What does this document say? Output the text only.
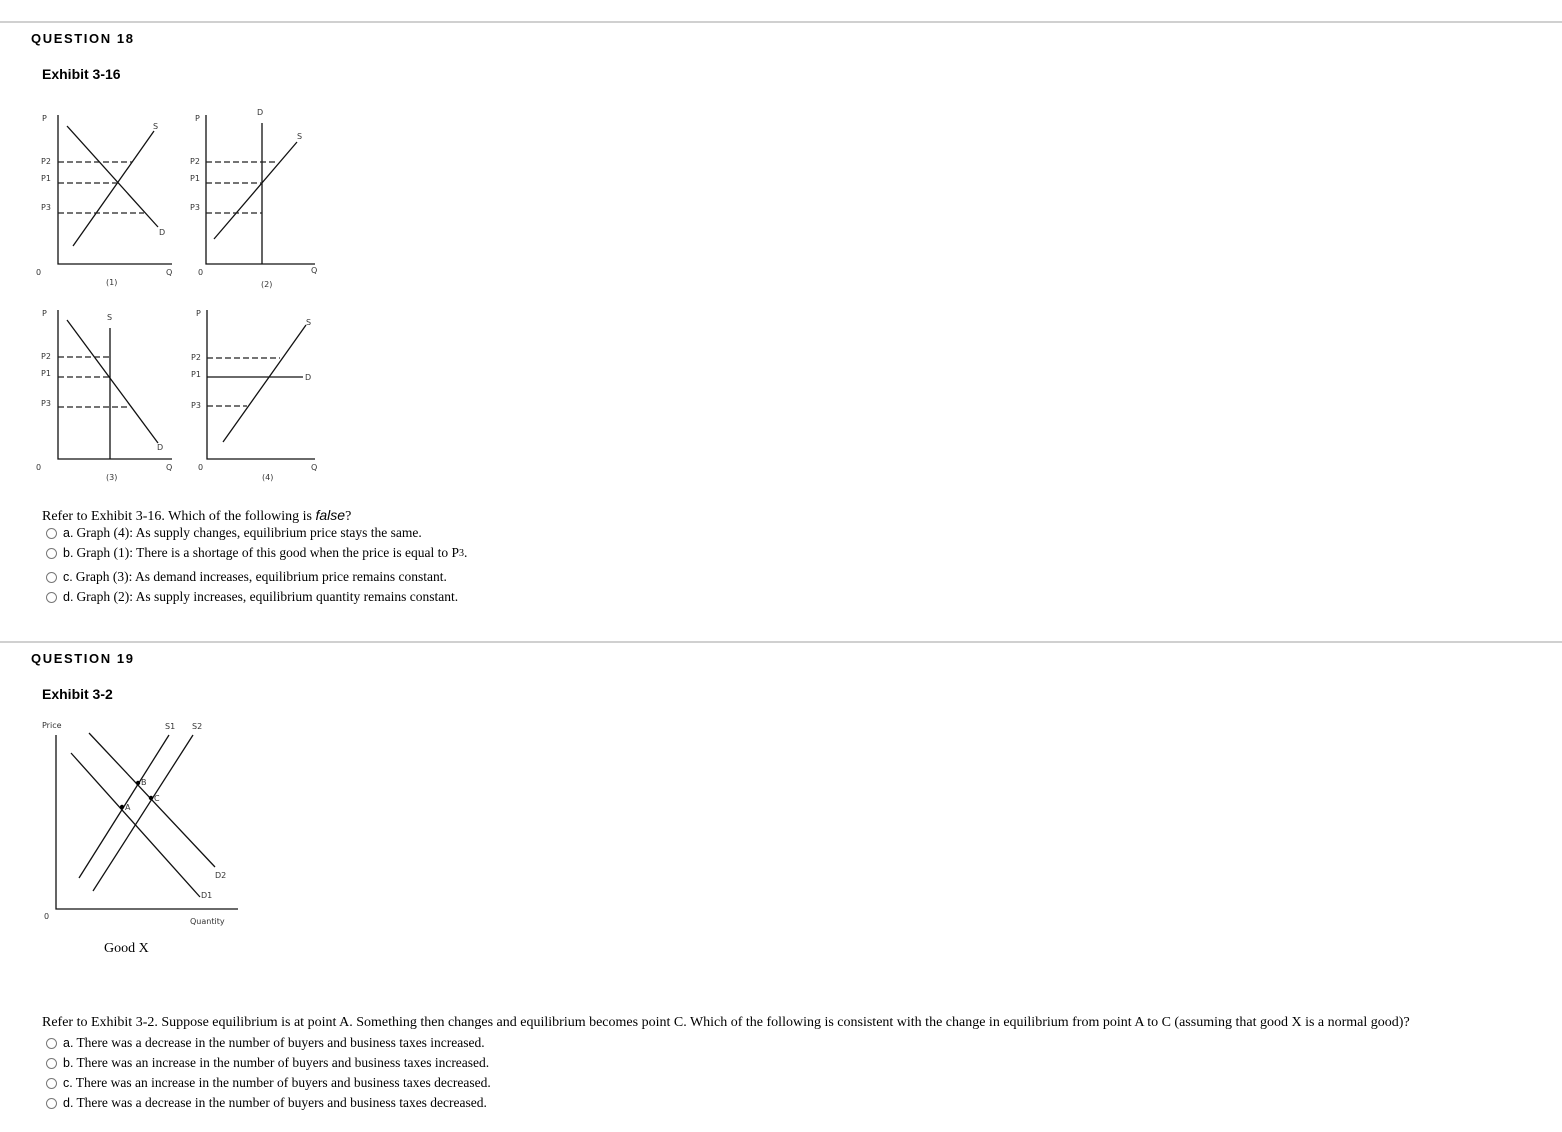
QUESTION 18
Exhibit 3-16
P
P2
P1
P3
S
D
0	Q
(1)
P
P2
P1
P3
D
S
0	Q
(2)
P	S
P2
P1
P3
D
0	Q
(3)
P
S
P2
P1	D
P3
0	Q
(4)
Refer to Exhibit 3-16. Which of the following is false?
a. Graph (4): As supply changes, equilibrium price stays the same.
b. Graph (1): There is a shortage of this good when the price is equal to P 3 .
c. Graph (3): As demand increases, equilibrium price remains constant.
d. Graph (2): As supply increases, equilibrium quantity remains constant.
QUESTION 19
Exhibit 3-2
Price	S1 S2
A
B
C
D2
D1
0
Quantity
Good X
Refer to Exhibit 3-2. Suppose equilibrium is at point A. Something then changes and equilibrium becomes point C. Which of the following is consistent with the change in equilibrium from point A to C (assuming that good X is a normal good)?
a. There was a decrease in the number of buyers and business taxes increased.
b. There was an increase in the number of buyers and business taxes increased.
c. There was an increase in the number of buyers and business taxes decreased.
d. There was a decrease in the number of buyers and business taxes decreased.
